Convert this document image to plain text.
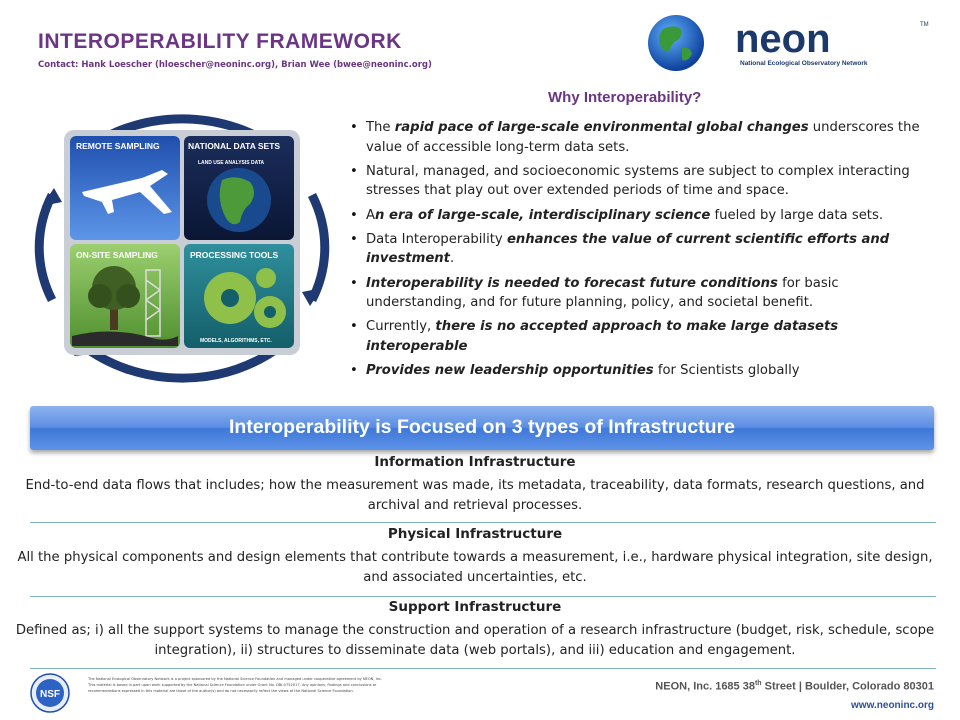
INTEROPERABILITY FRAMEWORK
Contact: Hank Loescher (hloescher@neoninc.org), Brian Wee (bwee@neoninc.org)
neon	TM
National Ecological Observatory Network
REMOTE SAMPLING	NATIONAL DATA SETS
LAND USE ANALYSIS DATA
ON-SITE SAMPLING	PROCESSING TOOLS
MODELS, ALGORITHMS, ETC.
Why Interoperability?
• The rapid pace of large-scale environmental global changes underscores the value of accessible long-term data sets.
• Natural, managed, and socioeconomic systems are subject to complex interacting stresses that play out over extended periods of time and space.
• An era of large-scale, interdisciplinary science fueled by large data sets.
• Data Interoperability enhances the value of current scientific efforts and investment.
• Interoperability is needed to forecast future conditions for basic understanding, and for future planning, policy, and societal benefit.
• Currently, there is no accepted approach to make large datasets interoperable
• Provides new leadership opportunities for Scientists globally
Interoperability is Focused on 3 types of Infrastructure
Information Infrastructure
End-to-end data flows that includes; how the measurement was made, its metadata, traceability, data formats, research questions, and archival and retrieval processes.
Physical Infrastructure
All the physical components and design elements that contribute towards a measurement, i.e., hardware physical integration, site design, and associated uncertainties, etc.
Support Infrastructure
Defined as; i) all the support systems to manage the construction and operation of a research infrastructure (budget, risk, schedule, scope integration), ii) structures to disseminate data (web portals), and iii) education and engagement.
NSF
The National Ecological Observatory Network is a project sponsored by the National Science Foundation and managed under cooperative agreement by NEON, Inc. This material is based in part upon work supported by the National Science Foundation under Grant No. DBI-0752017. Any opinions, findings and conclusions or recommendations expressed in this material are those of the author(s) and do not necessarily reflect the views of the National Science Foundation.	NEON, Inc. 1685 38th Street | Boulder, Colorado 80301
www.neoninc.org
